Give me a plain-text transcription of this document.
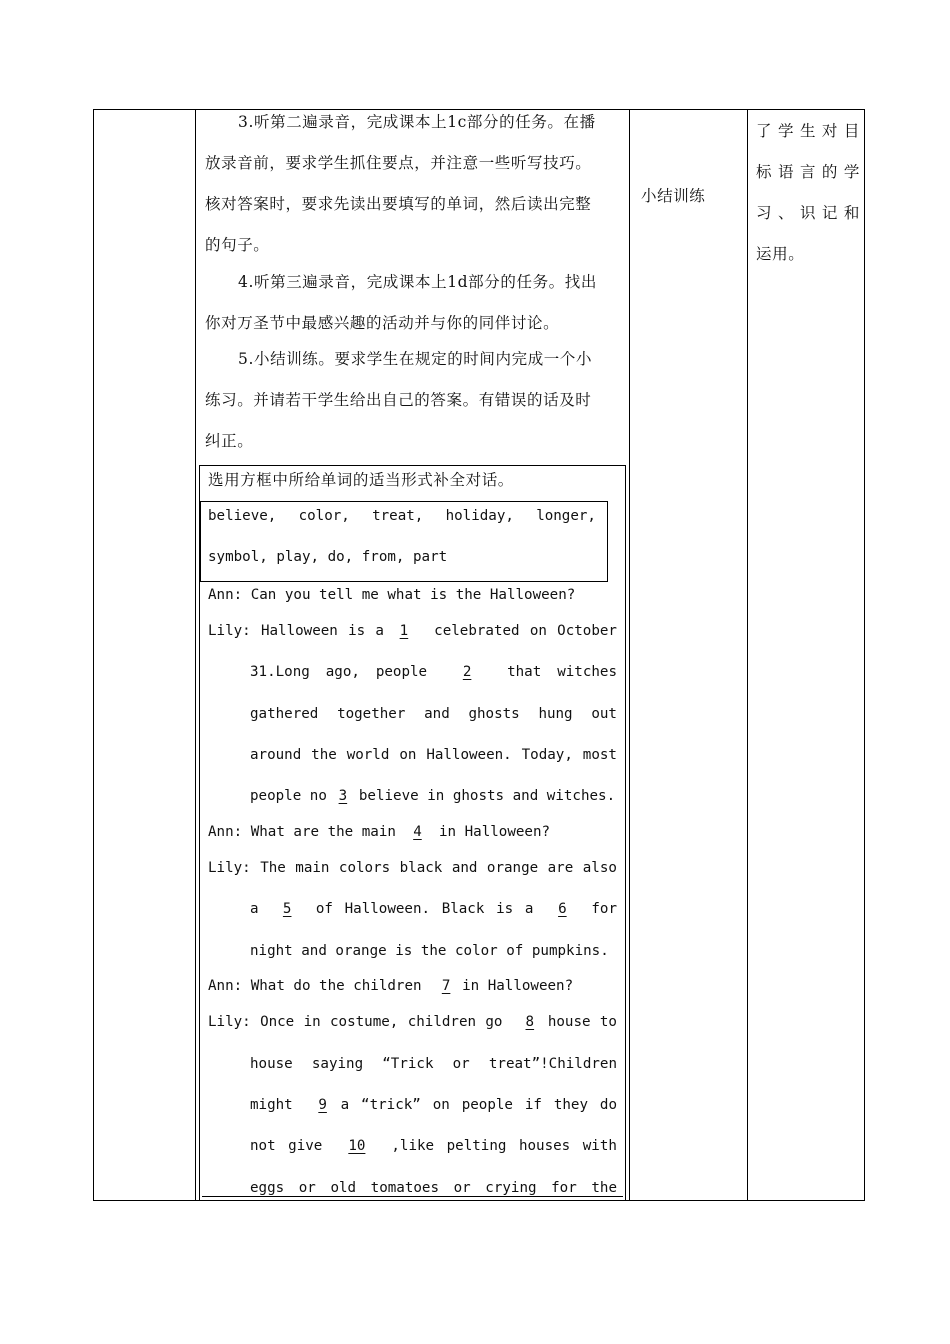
3.听第二遍录音，完成课本上1c部分的任务。在播
放录音前，要求学生抓住要点，并注意一些听写技巧。
核对答案时，要求先读出要填写的单词，然后读出完整
的句子。
4.听第三遍录音，完成课本上1d部分的任务。找出
你对万圣节中最感兴趣的活动并与你的同伴讨论。
5.小结训练。要求学生在规定的时间内完成一个小
练习。并请若干学生给出自己的答案。有错误的话及时
纠正。
小结训练
了学生对目
标语言的学
习、识记和
运用。
选用方框中所给单词的适当形式补全对话。
believe, color, treat, holiday, longer,
symbol, play, do, from, part
Ann: Can you tell me what is the Halloween?
Lily: Halloween is a 1	celebrated on October
31.Long ago, people	2	that witches
gathered together and ghosts hung out
around the world on Halloween. Today, most
people no 3 believe in ghosts and witches.
Ann: What are the main 4 in Halloween?
Lily: The main colors black and orange are also
a	5	of Halloween. Black is a 6 for
night and orange is the color of pumpkins.
Ann: What do the children 7 in Halloween?
Lily: Once in costume, children go	8 house to
house saying “Trick or treat”!Children
might	9 a “trick” on people if they do
not give	10	,like pelting houses with
eggs or old tomatoes or crying for the
